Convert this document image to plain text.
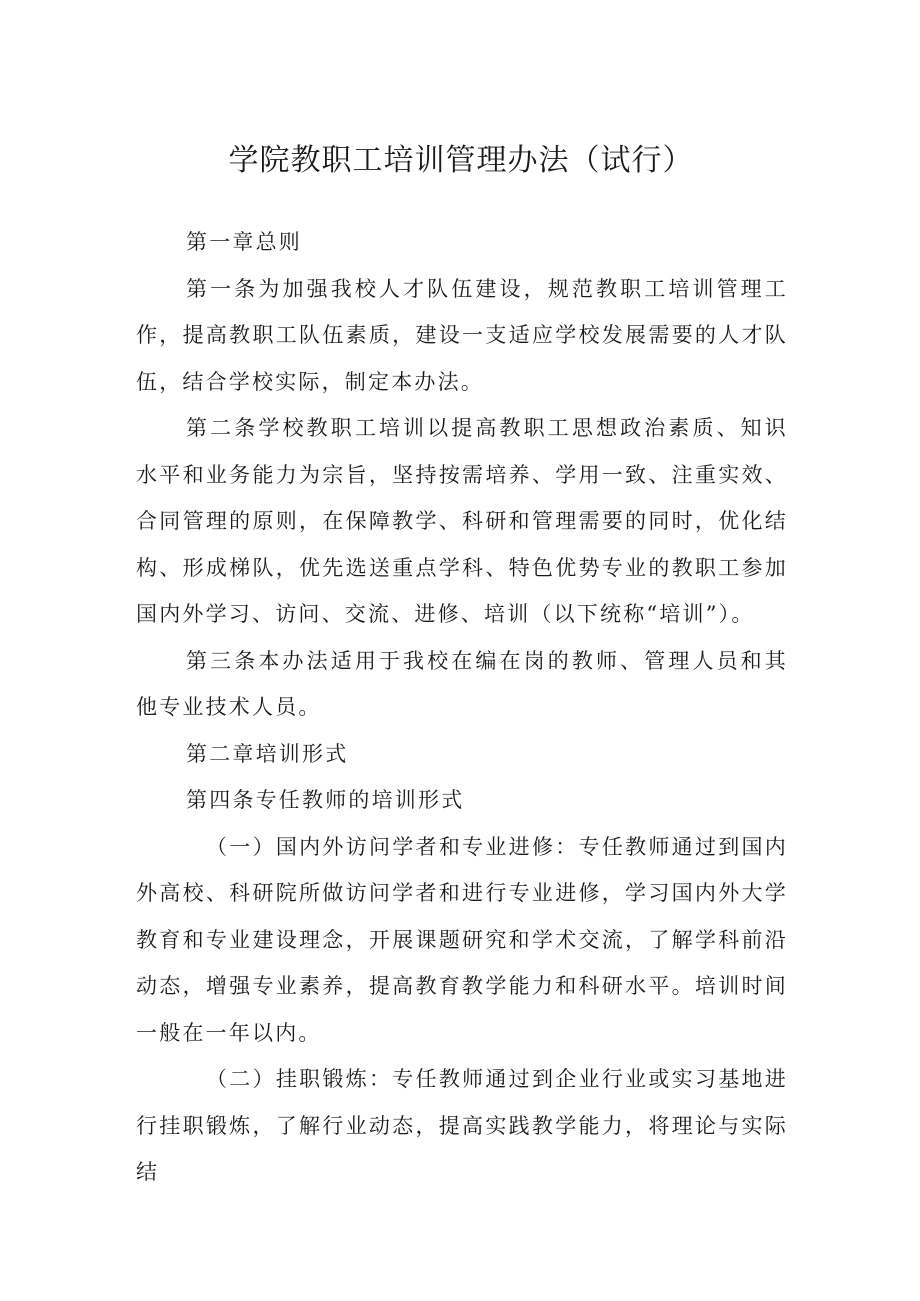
学院教职工培训管理办法（试行）

第一章总则

第一条为加强我校人才队伍建设，规范教职工培训管理工作，提高教职工队伍素质，建设一支适应学校发展需要的人才队伍，结合学校实际，制定本办法。

第二条学校教职工培训以提高教职工思想政治素质、知识水平和业务能力为宗旨，坚持按需培养、学用一致、注重实效、合同管理的原则，在保障教学、科研和管理需要的同时，优化结构、形成梯队，优先选送重点学科、特色优势专业的教职工参加国内外学习、访问、交流、进修、培训（以下统称“培训”）。

第三条本办法适用于我校在编在岗的教师、管理人员和其他专业技术人员。

第二章培训形式

第四条专任教师的培训形式

（一）国内外访问学者和专业进修：专任教师通过到国内外高校、科研院所做访问学者和进行专业进修，学习国内外大学教育和专业建设理念，开展课题研究和学术交流，了解学科前沿动态，增强专业素养，提高教育教学能力和科研水平。培训时间一般在一年以内。

（二）挂职锻炼：专任教师通过到企业行业或实习基地进行挂职锻炼，了解行业动态，提高实践教学能力，将理论与实际结
